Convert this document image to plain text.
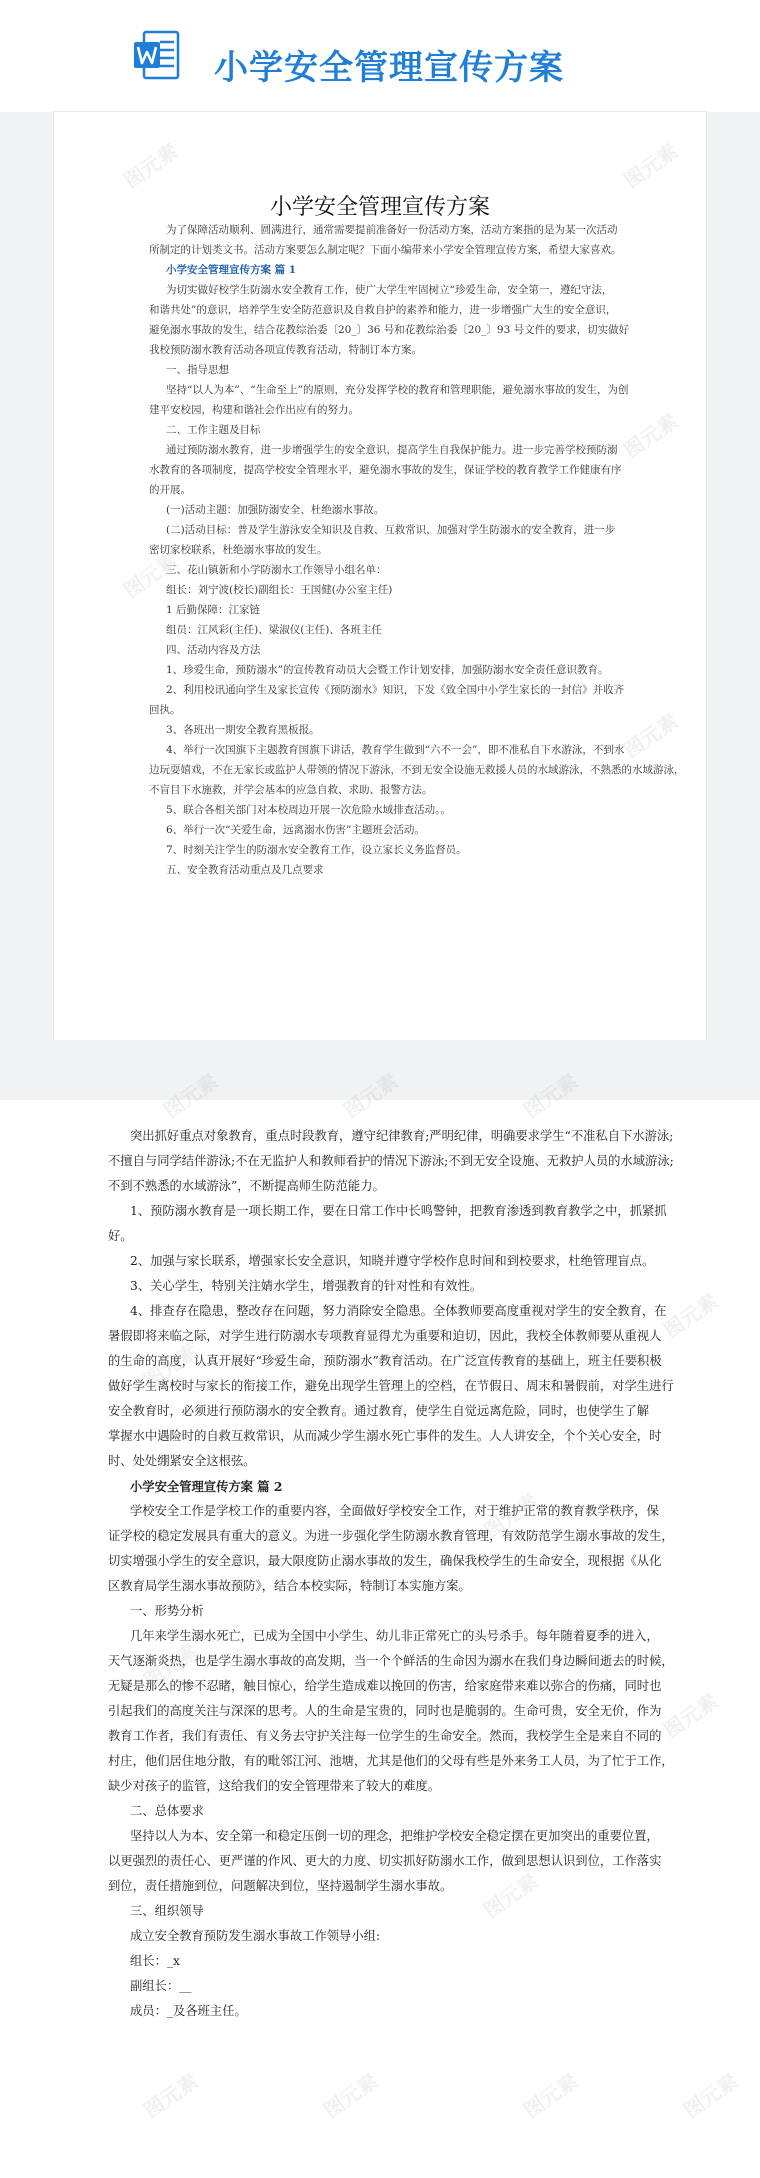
小学安全管理宣传方案
小学安全管理宣传方案

为了保障活动顺利、圆满进行，通常需要提前准备好一份活动方案，活动方案指的是为某一次活动

所制定的计划类文书。活动方案要怎么制定呢？下面小编带来小学安全管理宣传方案，希望大家喜欢。

小学安全管理宣传方案 篇 1

为切实做好校学生防溺水安全教育工作，使广大学生牢固树立“珍爱生命，安全第一，遵纪守法，

和谐共处”的意识，培养学生安全防范意识及自救自护的素养和能力，进一步增强广大生的安全意识，

避免溺水事故的发生，结合花教综治委〔20_〕36 号和花教综治委〔20_〕93 号文件的要求，切实做好

我校预防溺水教育活动各项宣传教育活动，特制订本方案。

一、指导思想

坚持“以人为本”、“生命至上”的原则，充分发挥学校的教育和管理职能，避免溺水事故的发生，为创

建平安校园，构建和谐社会作出应有的努力。

二、工作主题及目标

通过预防溺水教育，进一步增强学生的安全意识，提高学生自我保护能力。进一步完善学校预防溺

水教育的各项制度，提高学校安全管理水平，避免溺水事故的发生，保证学校的教育教学工作健康有序

的开展。

(一)活动主题：加强防溺安全、杜绝溺水事故。

(二)活动目标：普及学生游泳安全知识及自救、互救常识，加强对学生防溺水的安全教育，进一步

密切家校联系，杜绝溺水事故的发生。

三、花山镇新和小学防溺水工作领导小组名单：

组长：刘宁波(校长)副组长：王国健(办公室主任)

1 后勤保障：江家链

组员：江风彩(主任)、梁淑仪(主任)、各班主任

四、活动内容及方法

1、珍爱生命，预防溺水”的宣传教育动员大会暨工作计划安排，加强防溺水安全责任意识教育。

2、利用校讯通向学生及家长宣传《预防溺水》知识，下发《致全国中小学生家长的一封信》并收齐

回执。

3、各班出一期安全教育黑板报。

4、举行一次国旗下主题教育国旗下讲话，教育学生做到“六不一会”，即不准私自下水游泳，不到水

边玩耍嬉戏，不在无家长或监护人带领的情况下游泳，不到无安全设施无救援人员的水域游泳，不熟悉的水域游泳，

不盲目下水施救，并学会基本的应急自救、求助、报警方法。

5、联合各相关部门对本校周边开展一次危险水域排查活动。。

6、举行一次“关爱生命，远离溺水伤害”主题班会活动。

7、时刻关注学生的防溺水安全教育工作，设立家长义务监督员。

五、安全教育活动重点及几点要求

突出抓好重点对象教育，重点时段教育，遵守纪律教育;严明纪律，明确要求学生“不准私自下水游泳;

不擅自与同学结伴游泳;不在无监护人和教师看护的情况下游泳;不到无安全设施、无救护人员的水域游泳;

不到不熟悉的水域游泳”，不断提高师生防范能力。

1、预防溺水教育是一项长期工作，要在日常工作中长鸣警钟，把教育渗透到教育教学之中，抓紧抓

好。

2、加强与家长联系，增强家长安全意识，知晓并遵守学校作息时间和到校要求，杜绝管理盲点。

3、关心学生，特别关注婧水学生，增强教育的针对性和有效性。

4、排查存在隐患，整改存在问题，努力消除安全隐患。全体教师要高度重视对学生的安全教育，在

暑假即将来临之际，对学生进行防溺水专项教育显得尤为重要和迫切，因此，我校全体教师要从重视人

的生命的高度，认真开展好“珍爱生命，预防溺水”教育活动。在广泛宣传教育的基础上，班主任要积极

做好学生离校时与家长的衔接工作，避免出现学生管理上的空档，在节假日、周末和暑假前，对学生进行

安全教育时，必须进行预防溺水的安全教育。通过教育，使学生自觉远离危险，同时，也使学生了解

掌握水中遇险时的自救互救常识，从而减少学生溺水死亡事件的发生。人人讲安全，个个关心安全，时

时、处处绷紧安全这根弦。

小学安全管理宣传方案 篇 2

学校安全工作是学校工作的重要内容，全面做好学校安全工作，对于维护正常的教育教学秩序，保

证学校的稳定发展具有重大的意义。为进一步强化学生防溺水教育管理，有效防范学生溺水事故的发生，

切实增强小学生的安全意识，最大限度防止溺水事故的发生，确保我校学生的生命安全，现根据《从化

区教育局学生溺水事故预防》，结合本校实际，特制订本实施方案。

一、形势分析

几年来学生溺水死亡，已成为全国中小学生、幼儿非正常死亡的头号杀手。每年随着夏季的进入，

天气逐渐炎热，也是学生溺水事故的高发期，当一个个鲜活的生命因为溺水在我们身边瞬间逝去的时候，

无疑是那么的惨不忍睹，触目惊心，给学生造成难以挽回的伤害，给家庭带来难以弥合的伤痛，同时也

引起我们的高度关注与深深的思考。人的生命是宝贵的，同时也是脆弱的。生命可贵，安全无价，作为

教育工作者，我们有责任、有义务去守护关注每一位学生的生命安全。然而，我校学生全是来自不同的

村庄，他们居住地分散，有的毗邻江河、池塘，尤其是他们的父母有些是外来务工人员，为了忙于工作，

缺少对孩子的监管，这给我们的安全管理带来了较大的难度。

二、总体要求

坚持以人为本、安全第一和稳定压倒一切的理念，把维护学校安全稳定摆在更加突出的重要位置，

以更强烈的责任心、更严谨的作风、更大的力度、切实抓好防溺水工作，做到思想认识到位，工作落实

到位，责任措施到位，问题解决到位，坚持遏制学生溺水事故。

三、组织领导

成立安全教育预防发生溺水事故工作领导小组:

组长：_x

副组长：__

成员：_及各班主任。
